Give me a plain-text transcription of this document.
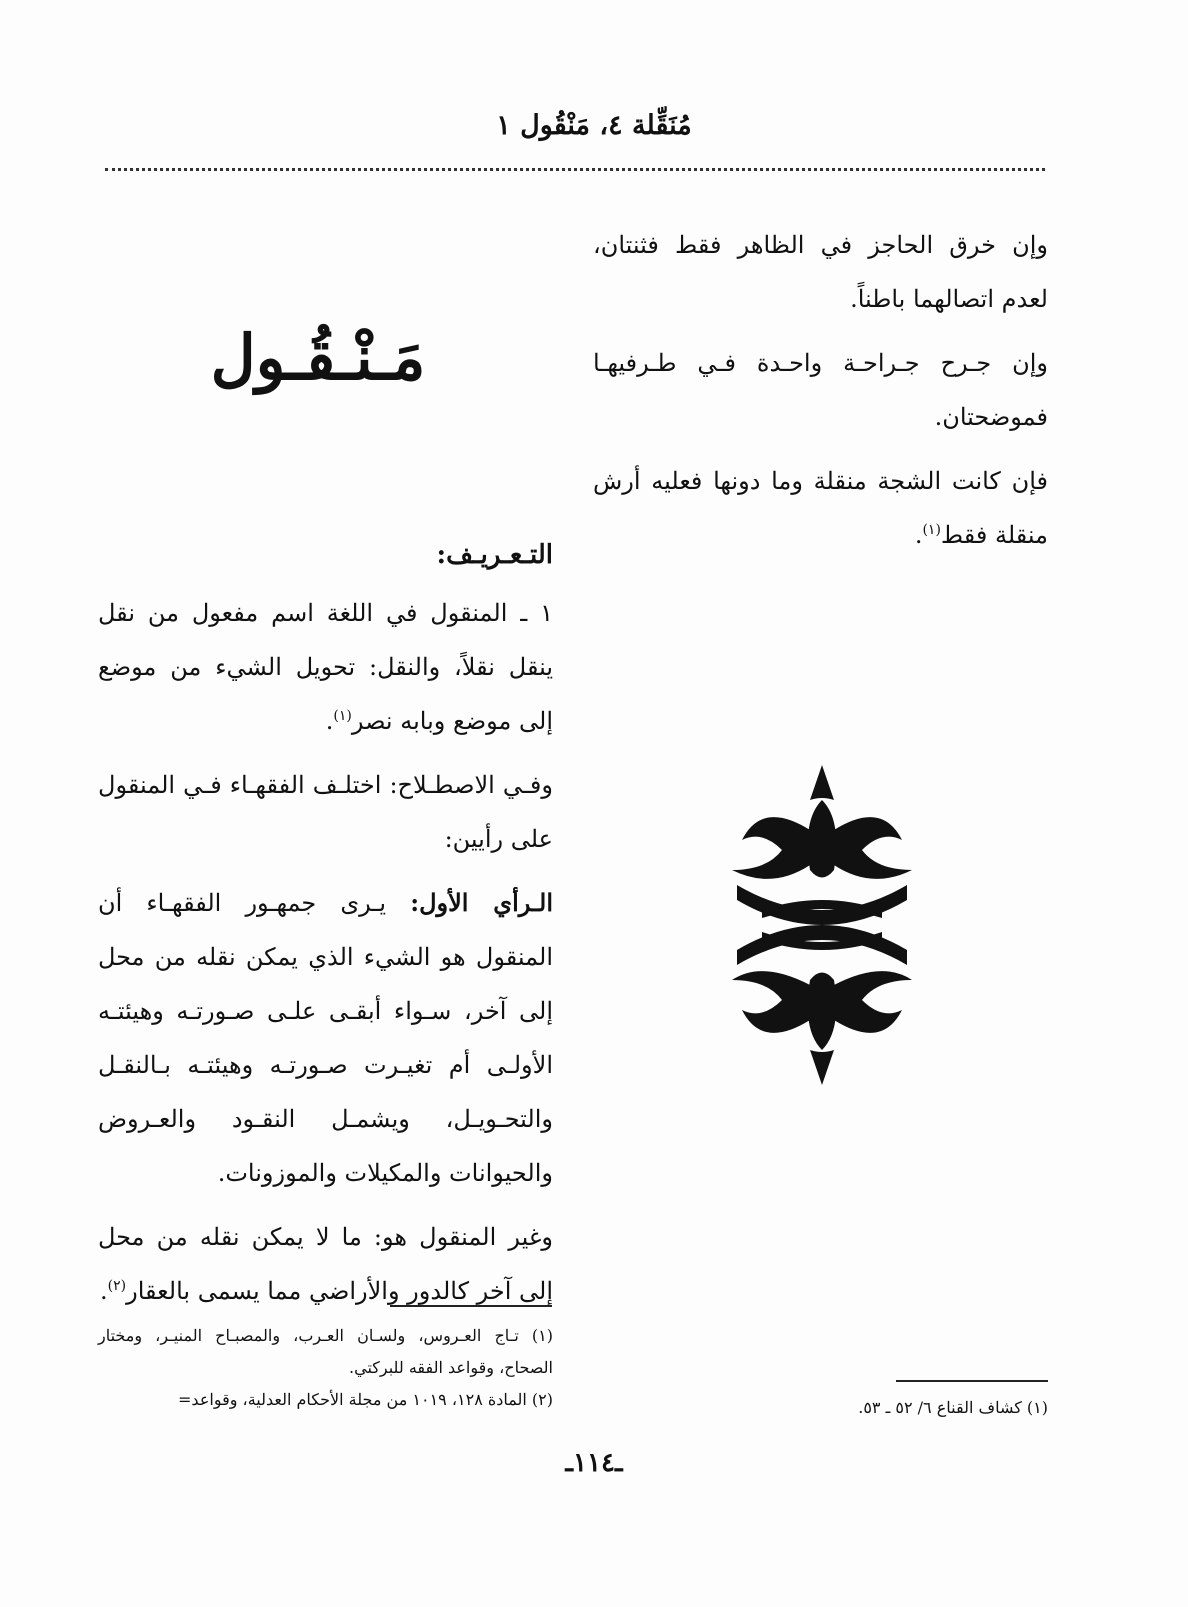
مُنَقِّلة ٤، مَنْقُول ١

وإن خرق الحاجز في الظاهر فقط فثنتان، لعدم اتصالهما باطناً.

وإن جـرح جـراحـة واحـدة فـي طـرفيهـا فموضحتان.

فإن كانت الشجة منقلة وما دونها فعليه أرش منقلة فقط$^{(١)}$.

مَـنْـقُـول

التـعـريـف:

١ ـ المنقول في اللغة اسم مفعول من نقل ينقل نقلاً، والنقل: تحويل الشيء من موضع إلى موضع وبابه نصر$^{(١)}$.

وفـي الاصطـلاح: اختلـف الفقهـاء فـي المنقول على رأيين:

الـرأي الأول: يـرى جمهـور الفقهـاء أن المنقول هو الشيء الذي يمكن نقله من محل إلى آخر، سـواء أبقـى علـى صـورتـه وهيئتـه الأولـى أم تغيـرت صـورتـه وهيئتـه بـالنقـل والتحـويـل، ويشمـل النقـود والعـروض والحيوانات والمكيلات والموزونات.

وغير المنقول هو: ما لا يمكن نقله من محل إلى آخر كالدور والأراضي مما يسمى بالعقار$^{(٢)}$.

(١) تـاج العـروس، ولسـان العـرب، والمصبـاح المنيـر، ومختار الصحاح، وقواعد الفقه للبركتي.

(٢) المادة ١٢٨، ١٠١٩ من مجلة الأحكام العدلية، وقواعد=	(١) كشاف القناع ٦/ ٥٢ ـ ٥٣.

ـ١١٤ـ
